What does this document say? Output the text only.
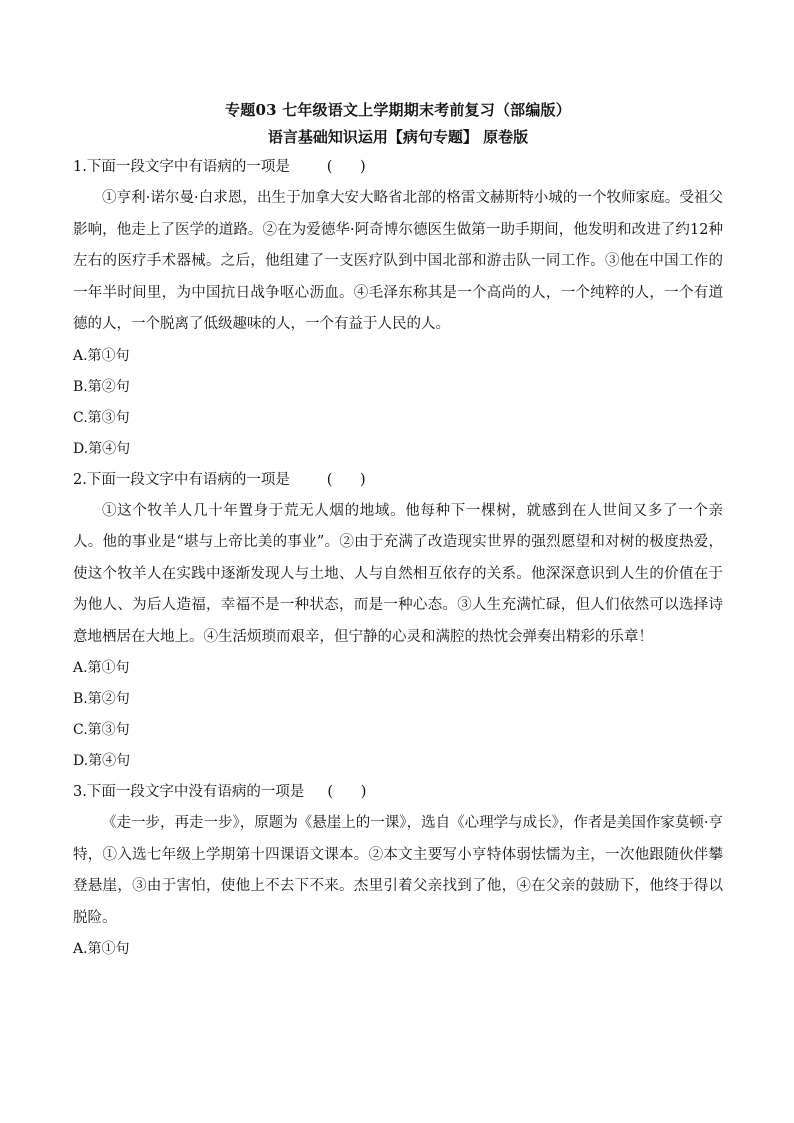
专题03 七年级语文上学期期末考前复习（部编版）
语言基础知识运用【病句专题】 原卷版
1.下面一段文字中有语病的一项是        (      )

①亨利·诺尔曼·白求恩，出生于加拿大安大略省北部的格雷文赫斯特小城的一个牧师家庭。受祖父影响，他走上了医学的道路。②在为爱德华·阿奇博尔德医生做第一助手期间，他发明和改进了约12种左右的医疗手术器械。之后，他组建了一支医疗队到中国北部和游击队一同工作。③他在中国工作的一年半时间里，为中国抗日战争呕心沥血。④毛泽东称其是一个高尚的人，一个纯粹的人，一个有道德的人，一个脱离了低级趣味的人，一个有益于人民的人。

A.第①句
B.第②句
C.第③句
D.第④句
2.下面一段文字中有语病的一项是        (      )

①这个牧羊人几十年置身于荒无人烟的地域。他每种下一棵树，就感到在人世间又多了一个亲人。他的事业是“堪与上帝比美的事业”。②由于充满了改造现实世界的强烈愿望和对树的极度热爱，使这个牧羊人在实践中逐渐发现人与土地、人与自然相互依存的关系。他深深意识到人生的价值在于为他人、为后人造福，幸福不是一种状态，而是一种心态。③人生充满忙碌，但人们依然可以选择诗意地栖居在大地上。④生活烦琐而艰辛，但宁静的心灵和满腔的热忱会弹奏出精彩的乐章！

A.第①句
B.第②句
C.第③句
D.第④句
3.下面一段文字中没有语病的一项是     (      )

《走一步，再走一步》，原题为《悬崖上的一课》，选自《心理学与成长》，作者是美国作家莫顿·亨特，①入选七年级上学期第十四课语文课本。②本文主要写小亨特体弱怯懦为主，一次他跟随伙伴攀登悬崖，③由于害怕，使他上不去下不来。杰里引着父亲找到了他，④在父亲的鼓励下，他终于得以脱险。

A.第①句
